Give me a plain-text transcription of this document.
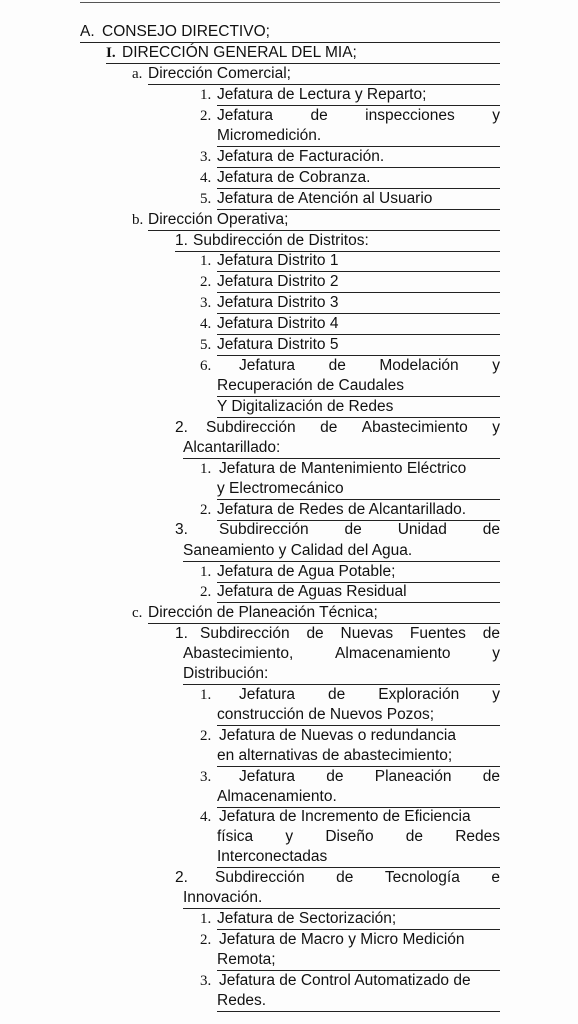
A. CONSEJO DIRECTIVO;
I. DIRECCIÓN GENERAL DEL MIA;
a. Dirección Comercial;
1. Jefatura de Lectura y Reparto;
2. Jefatura de inspecciones y
Micromedición.
3. Jefatura de Facturación.
4. Jefatura de Cobranza.
5. Jefatura de Atención al Usuario
b. Dirección Operativa;
1. Subdirección de Distritos:
1. Jefatura Distrito 1
2. Jefatura Distrito 2
3. Jefatura Distrito 3
4. Jefatura Distrito 4
5. Jefatura Distrito 5
6. Jefatura de Modelación y
Recuperación de Caudales
Y Digitalización de Redes
2. Subdirección de Abastecimiento y
Alcantarillado:
1. Jefatura de Mantenimiento Eléctrico
y Electromecánico
2. Jefatura de Redes de Alcantarillado.
3. Subdirección de Unidad de
Saneamiento y Calidad del Agua.
1. Jefatura de Agua Potable;
2. Jefatura de Aguas Residual
c. Dirección de Planeación Técnica;
1. Subdirección de Nuevas Fuentes de
Abastecimiento,	Almacenamiento	y
Distribución:
1. Jefatura de Exploración y
construcción de Nuevos Pozos;
2. Jefatura de Nuevas o redundancia
en alternativas de abastecimiento;
3. Jefatura de Planeación de
Almacenamiento.
4. Jefatura de Incremento de Eficiencia
física y Diseño de Redes
Interconectadas
2. Subdirección de Tecnología e
Innovación.
1. Jefatura de Sectorización;
2. Jefatura de Macro y Micro Medición
Remota;
3. Jefatura de Control Automatizado de
Redes.
